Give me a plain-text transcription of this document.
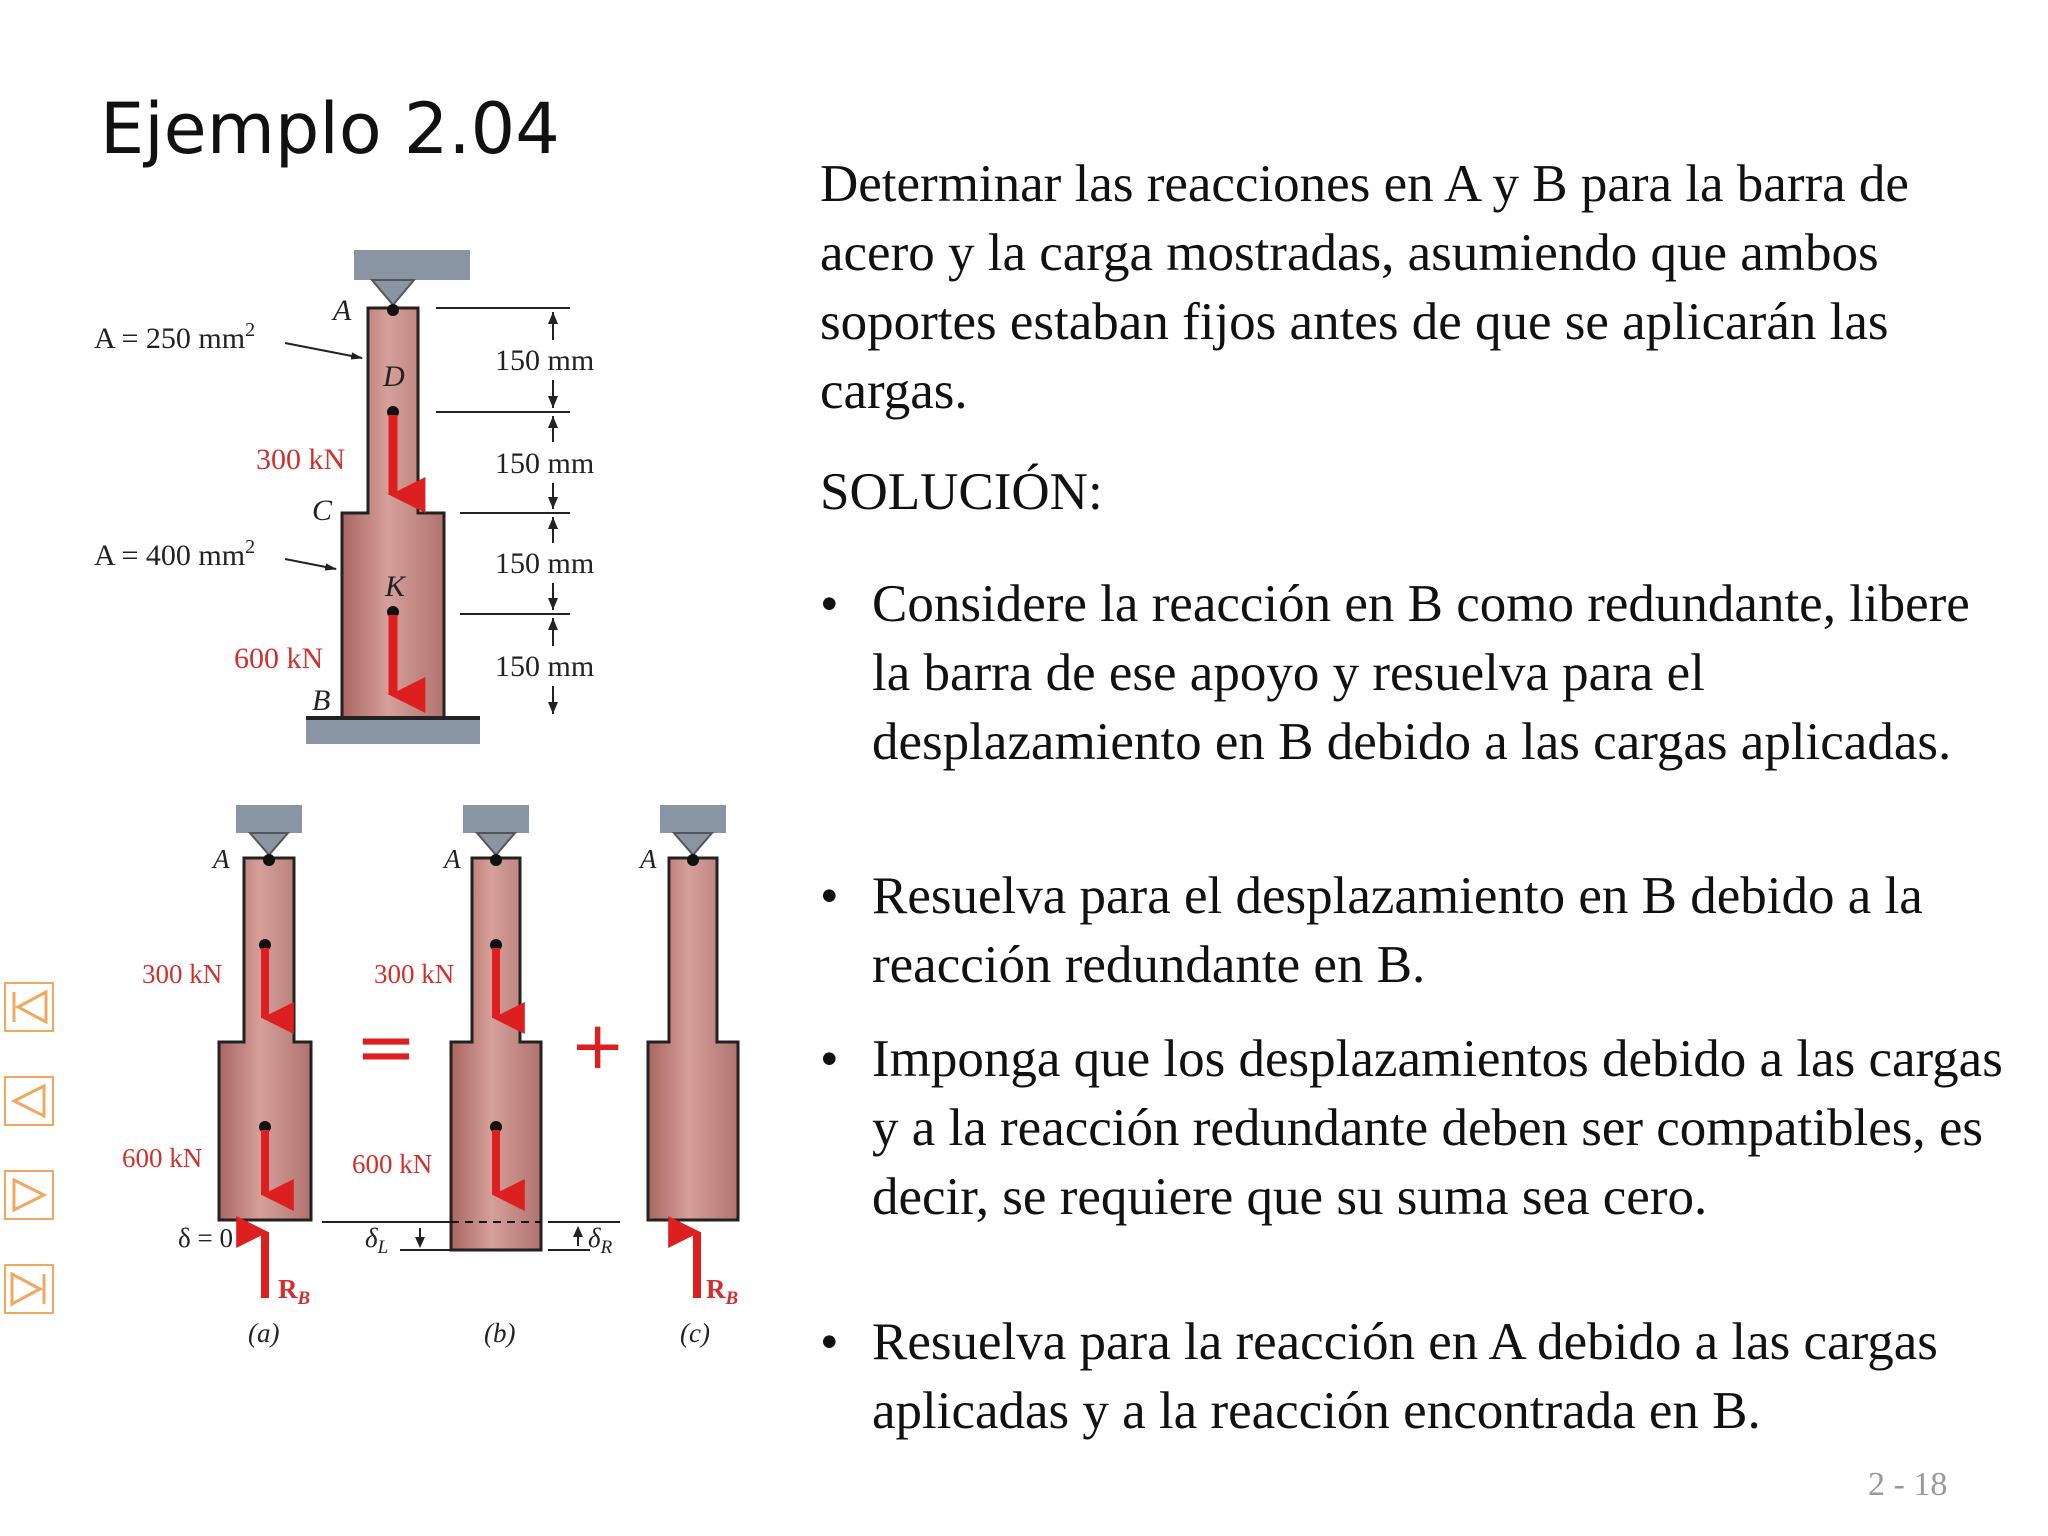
A = 250 $mm^2$
A = 400 $mm^2$
A
D
C
K
B
300 kN
600 kN
150 mm
150 mm
150 mm
150 mm
A
300 kN
600 kN
δ = 0
$R_B$
(a)
=
A
300 kN
600 kN
$\delta_L$	$\delta_R$
(b)
+
A
$R_B$
(c)
Ejemplo 2.04

Determinar las reacciones en A y B para la barra de acero y la carga mostradas, asumiendo que ambos soportes estaban fijos antes de que se aplicarán las cargas.

SOLUCIÓN:

• Considere la reacción en B como redundante, libere la barra de ese apoyo y resuelva para el desplazamiento en B debido a las cargas aplicadas.
• Resuelva para el desplazamiento en B debido a la reacción redundante en B.
• Imponga que los desplazamientos debido a las cargas y a la reacción redundante deben ser compatibles, es decir, se requiere que su suma sea cero.
• Resuelva para la reacción en A debido a las cargas aplicadas y a la reacción encontrada en B.
2 - 18
